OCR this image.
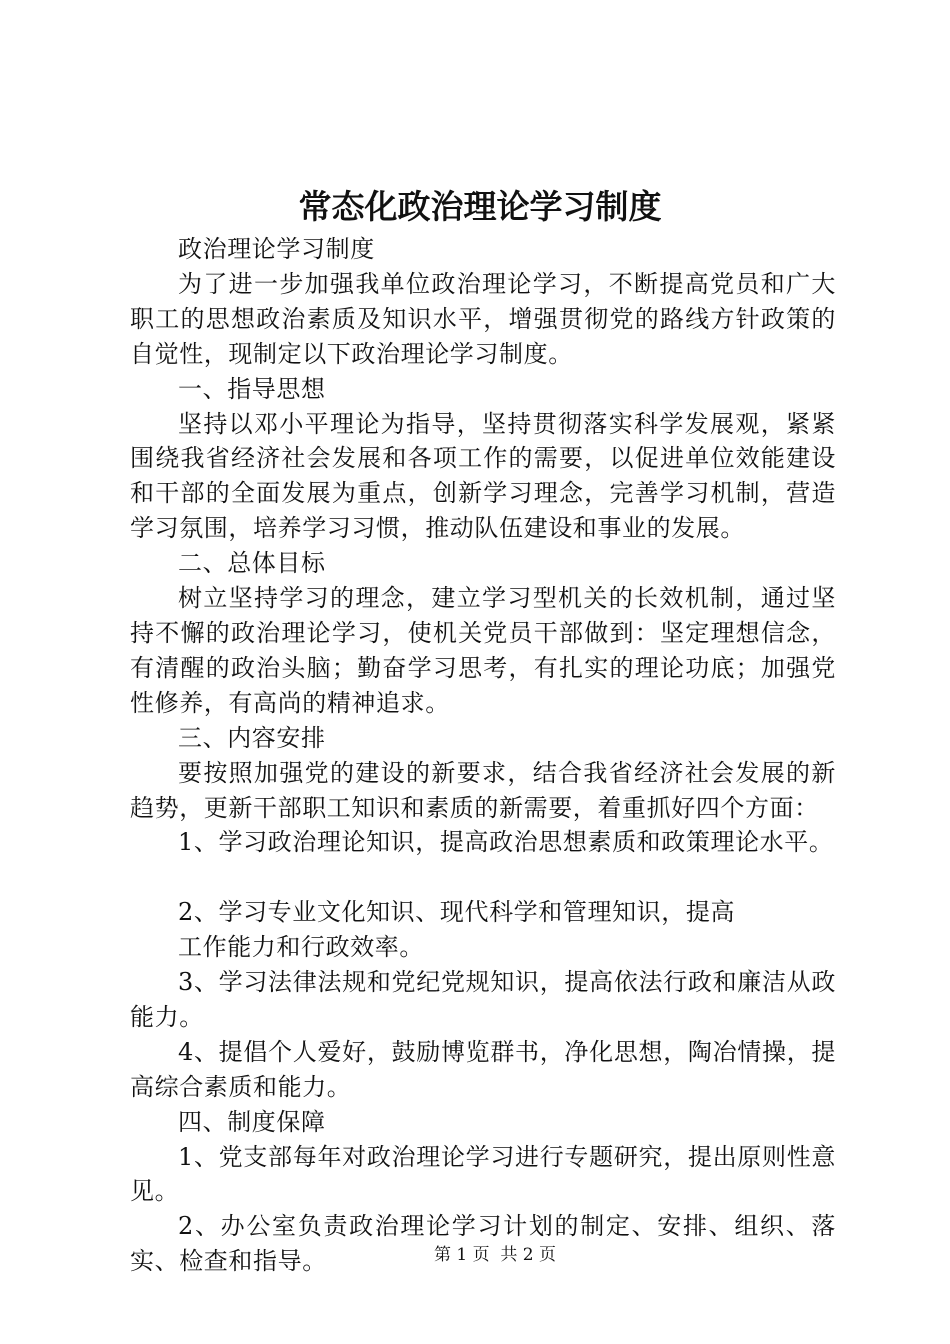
常态化政治理论学习制度

政治理论学习制度

为了进一步加强我单位政治理论学习，不断提高党员和广大职工的思想政治素质及知识水平，增强贯彻党的路线方针政策的自觉性，现制定以下政治理论学习制度。

一、指导思想

坚持以邓小平理论为指导，坚持贯彻落实科学发展观，紧紧围绕我省经济社会发展和各项工作的需要，以促进单位效能建设和干部的全面发展为重点，创新学习理念，完善学习机制，营造学习氛围，培养学习习惯，推动队伍建设和事业的发展。

二、总体目标

树立坚持学习的理念，建立学习型机关的长效机制，通过坚持不懈的政治理论学习，使机关党员干部做到：坚定理想信念，有清醒的政治头脑；勤奋学习思考，有扎实的理论功底；加强党性修养，有高尚的精神追求。

三、内容安排

要按照加强党的建设的新要求，结合我省经济社会发展的新趋势，更新干部职工知识和素质的新需要，着重抓好四个方面：

1、学习政治理论知识，提高政治思想素质和政策理论水平。

2、学习专业文化知识、现代科学和管理知识，提高

工作能力和行政效率。

3、学习法律法规和党纪党规知识，提高依法行政和廉洁从政能力。

4、提倡个人爱好，鼓励博览群书，净化思想，陶冶情操，提高综合素质和能力。

四、制度保障

1、党支部每年对政治理论学习进行专题研究，提出原则性意见。

2、办公室负责政治理论学习计划的制定、安排、组织、落实、检查和指导。	第 1 页  共 2 页
